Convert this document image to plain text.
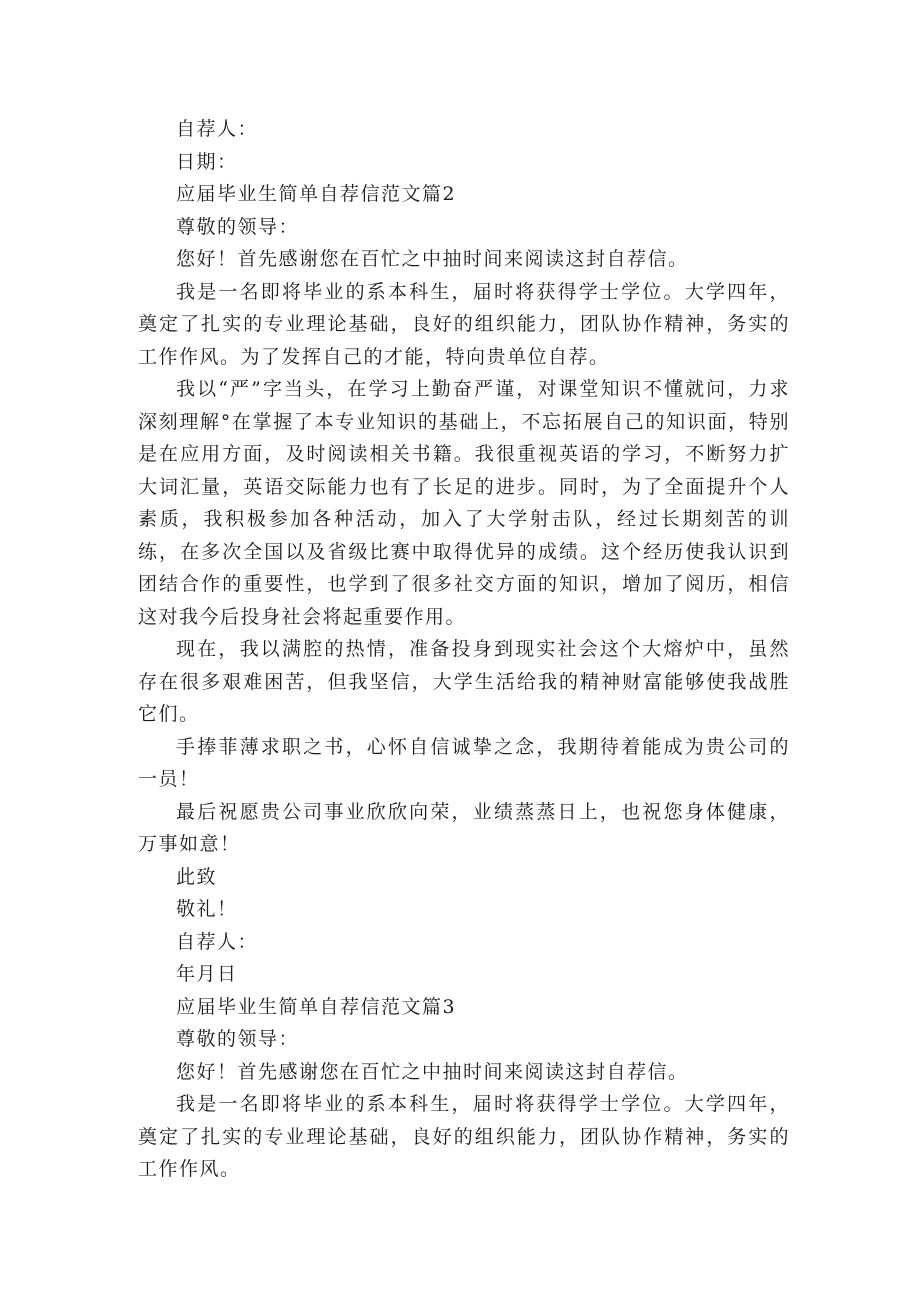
自荐人：

日期：

应届毕业生简单自荐信范文篇2

尊敬的领导：

您好！首先感谢您在百忙之中抽时间来阅读这封自荐信。

我是一名即将毕业的系本科生，届时将获得学士学位。大学四年，奠定了扎实的专业理论基础，良好的组织能力，团队协作精神，务实的工作作风。为了发挥自己的才能，特向贵单位自荐。

我以“严”字当头，在学习上勤奋严谨，对课堂知识不懂就问，力求深刻理解°在掌握了本专业知识的基础上，不忘拓展自己的知识面，特别是在应用方面，及时阅读相关书籍。我很重视英语的学习，不断努力扩大词汇量，英语交际能力也有了长足的进步。同时，为了全面提升个人素质，我积极参加各种活动，加入了大学射击队，经过长期刻苦的训练，在多次全国以及省级比赛中取得优异的成绩。这个经历使我认识到团结合作的重要性，也学到了很多社交方面的知识，增加了阅历，相信这对我今后投身社会将起重要作用。

现在，我以满腔的热情，准备投身到现实社会这个大熔炉中，虽然存在很多艰难困苦，但我坚信，大学生活给我的精神财富能够使我战胜它们。

手捧菲薄求职之书，心怀自信诚挚之念，我期待着能成为贵公司的一员！

最后祝愿贵公司事业欣欣向荣，业绩蒸蒸日上，也祝您身体健康，万事如意！

此致

敬礼！

自荐人：

年月日

应届毕业生简单自荐信范文篇3

尊敬的领导：

您好！首先感谢您在百忙之中抽时间来阅读这封自荐信。

我是一名即将毕业的系本科生，届时将获得学士学位。大学四年，奠定了扎实的专业理论基础，良好的组织能力，团队协作精神，务实的工作作风。
